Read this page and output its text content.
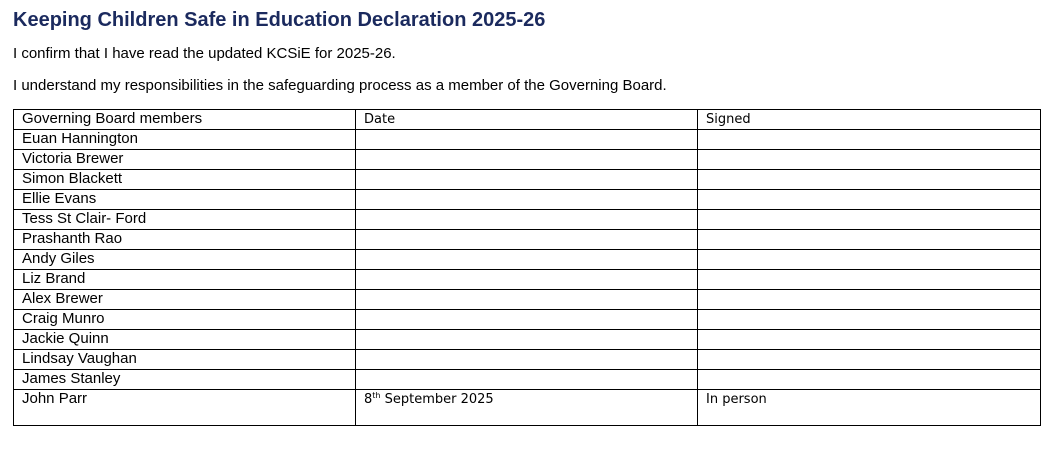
Keeping Children Safe in Education Declaration 2025-26

I confirm that I have read the updated KCSiE for 2025-26.

I understand my responsibilities in the safeguarding process as a member of the Governing Board.

Governing Board members	Date	Signed
Euan Hannington		
Victoria Brewer		
Simon Blackett		
Ellie Evans		
Tess St Clair- Ford		
Prashanth Rao		
Andy Giles		
Liz Brand		
Alex Brewer		
Craig Munro		
Jackie Quinn		
Lindsay Vaughan		
James Stanley		
John Parr	8th September 2025	In person
